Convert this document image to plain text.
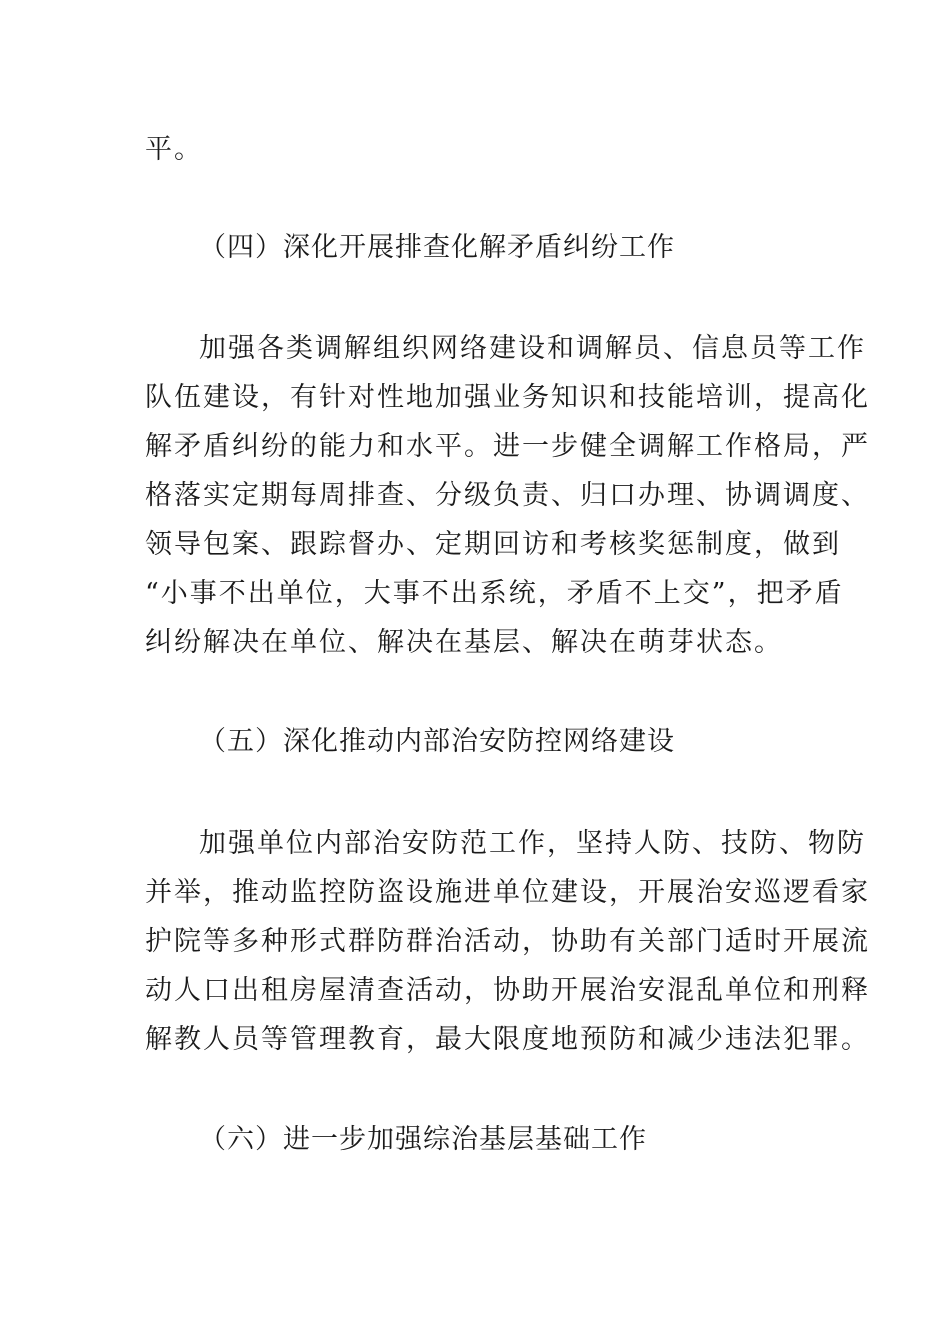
平。
（四）深化开展排查化解矛盾纠纷工作
加强各类调解组织网络建设和调解员、信息员等工作
队伍建设，有针对性地加强业务知识和技能培训，提高化
解矛盾纠纷的能力和水平。进一步健全调解工作格局，严
格落实定期每周排查、分级负责、归口办理、协调调度、
领导包案、跟踪督办、定期回访和考核奖惩制度，做到
“小事不出单位，大事不出系统，矛盾不上交”，把矛盾
纠纷解决在单位、解决在基层、解决在萌芽状态。
（五）深化推动内部治安防控网络建设
加强单位内部治安防范工作，坚持人防、技防、物防
并举，推动监控防盗设施进单位建设，开展治安巡逻看家
护院等多种形式群防群治活动，协助有关部门适时开展流
动人口出租房屋清查活动，协助开展治安混乱单位和刑释
解教人员等管理教育，最大限度地预防和减少违法犯罪。
（六）进一步加强综治基层基础工作
